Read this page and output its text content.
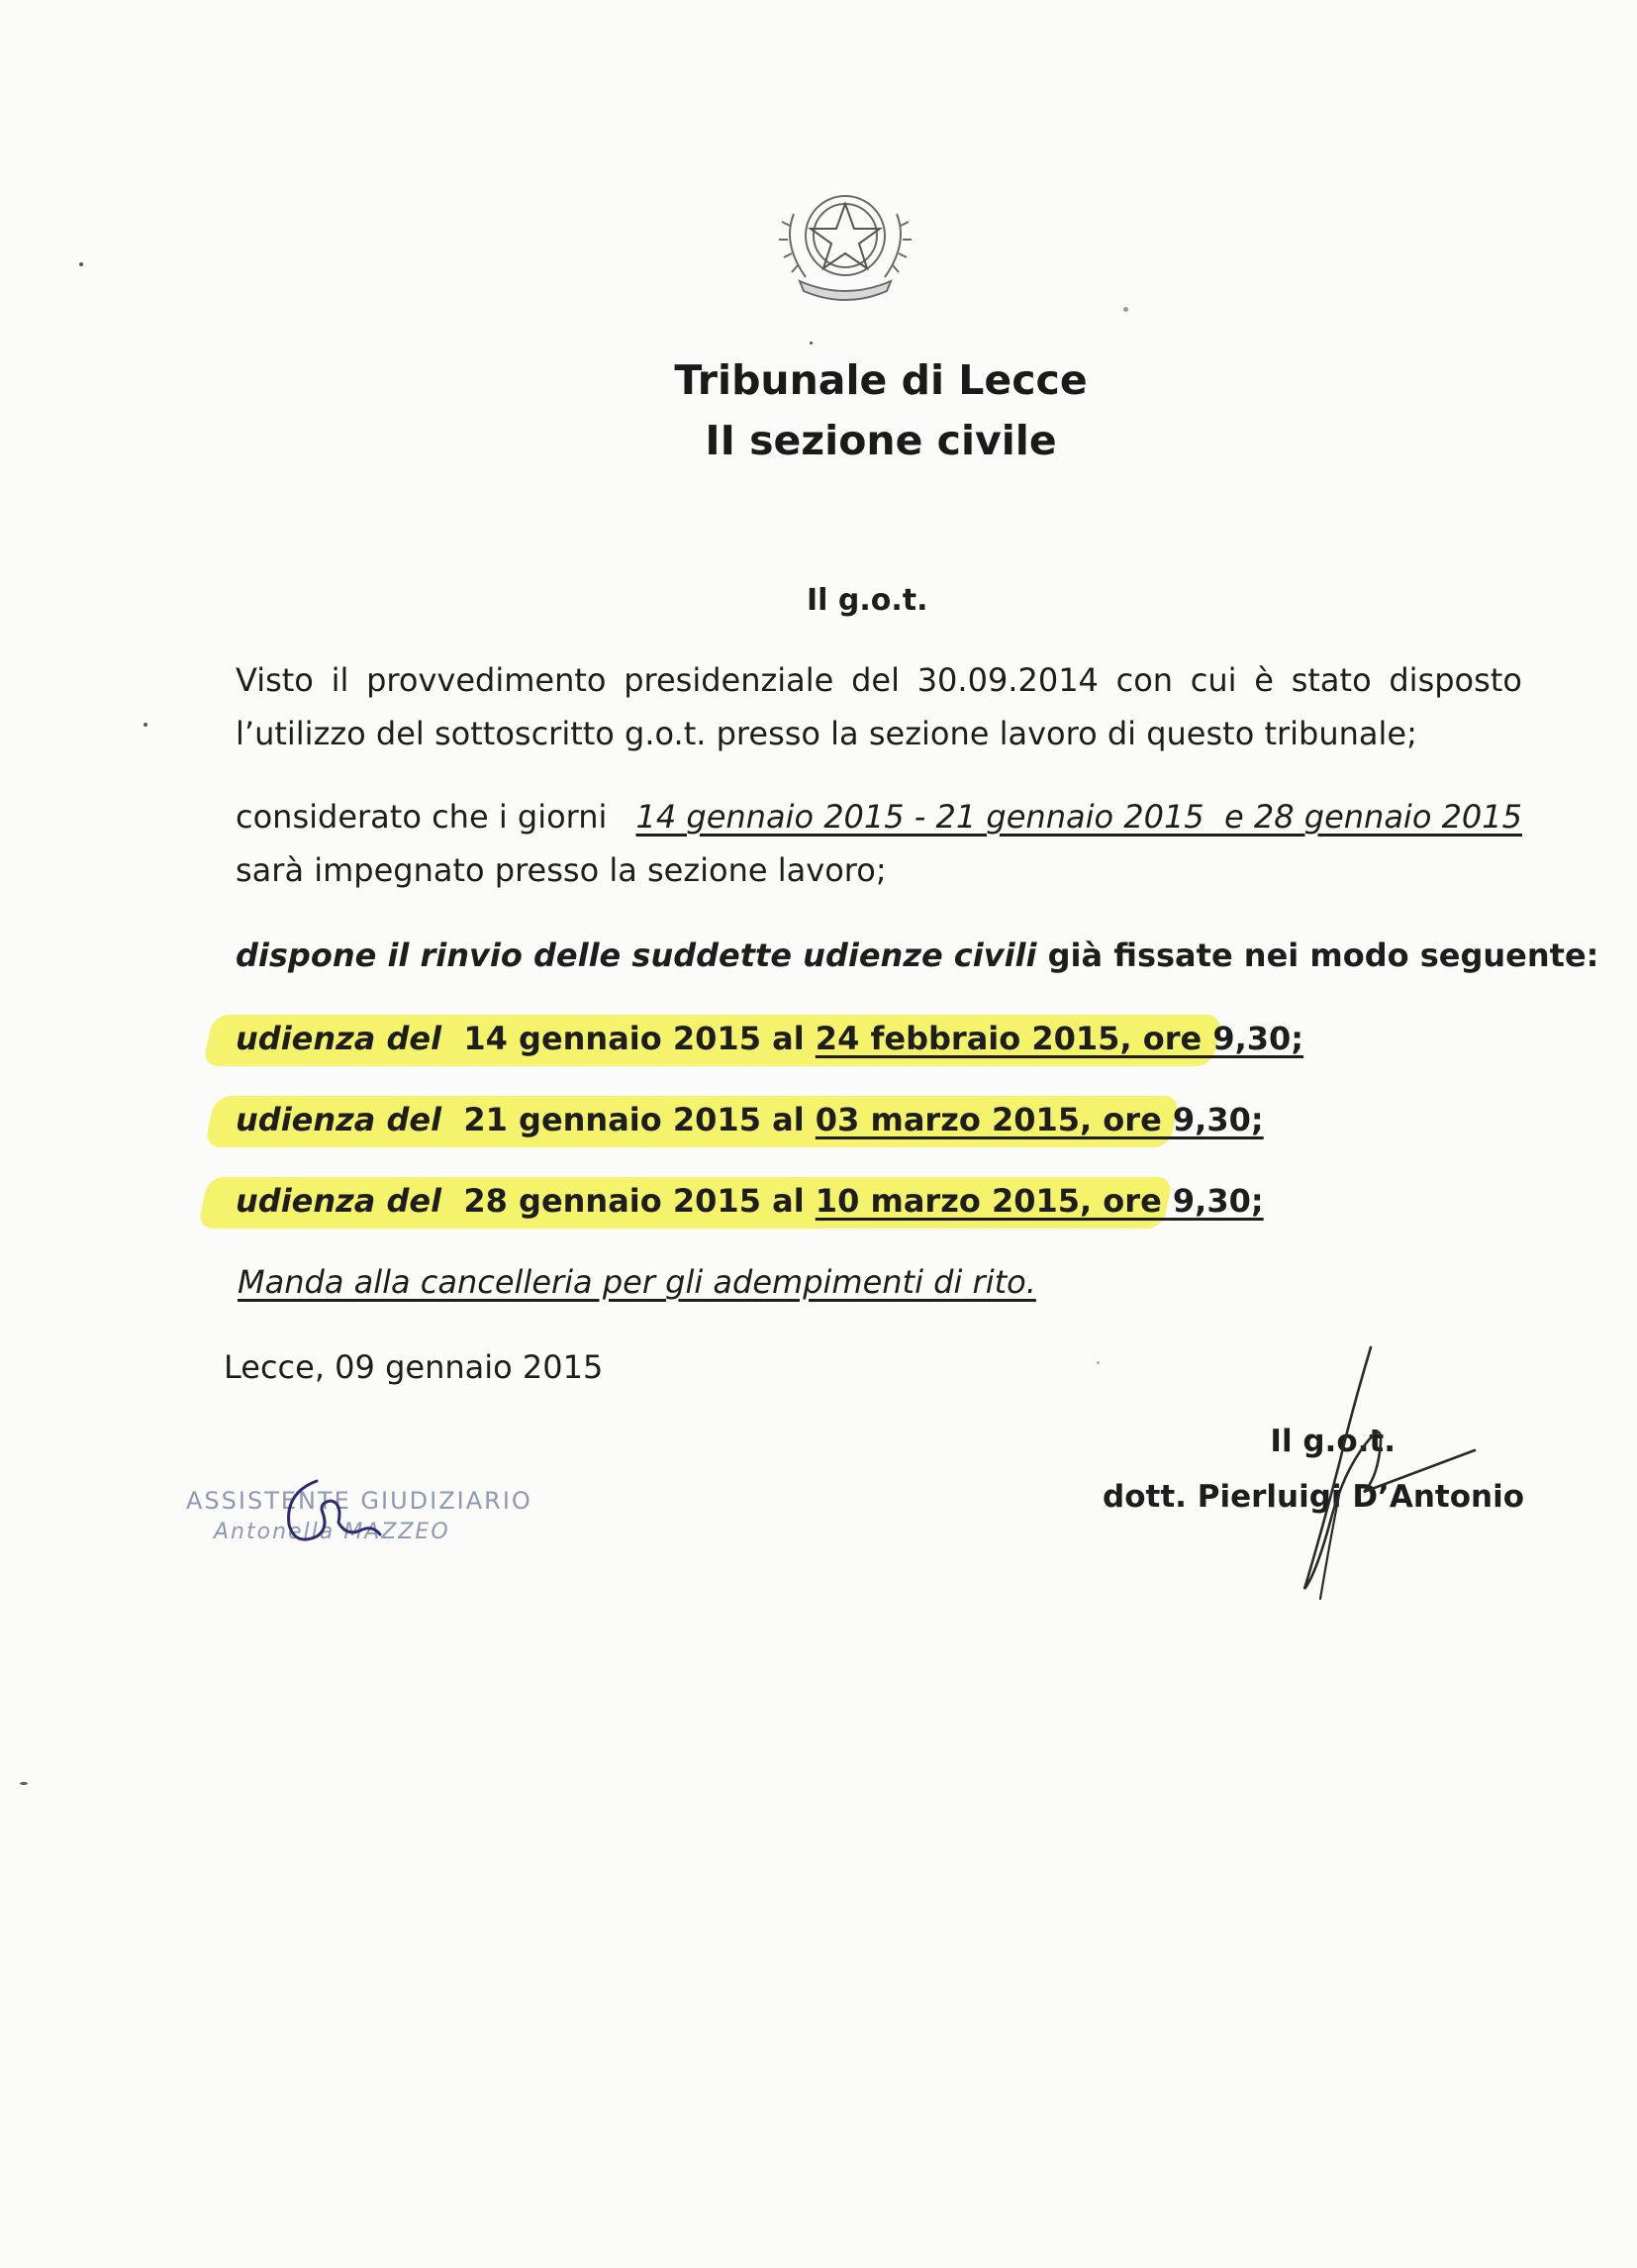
Tribunale di Lecce
II sezione civile
Il g.o.t.
Visto il provvedimento presidenziale del 30.09.2014 con cui è stato disposto
l’utilizzo del sottoscritto g.o.t. presso la sezione lavoro di questo tribunale;
considerato che i giorni 14 gennaio 2015 - 21 gennaio 2015  e 28 gennaio 2015
sarà impegnato presso la sezione lavoro;
dispone il rinvio delle suddette udienze civili già fissate nei modo seguente:
udienza del 14 gennaio 2015 al 24 febbraio 2015, ore 9,30;
udienza del 21 gennaio 2015 al 03 marzo 2015, ore 9,30;
udienza del 28 gennaio 2015 al 10 marzo 2015, ore 9,30;
Manda alla cancelleria per gli adempimenti di rito.
Lecce, 09 gennaio 2015
ASSISTENTE GIUDIZIARIO
Antonella MAZZEO
Il g.o.t.
dott. Pierluigi D’Antonio
